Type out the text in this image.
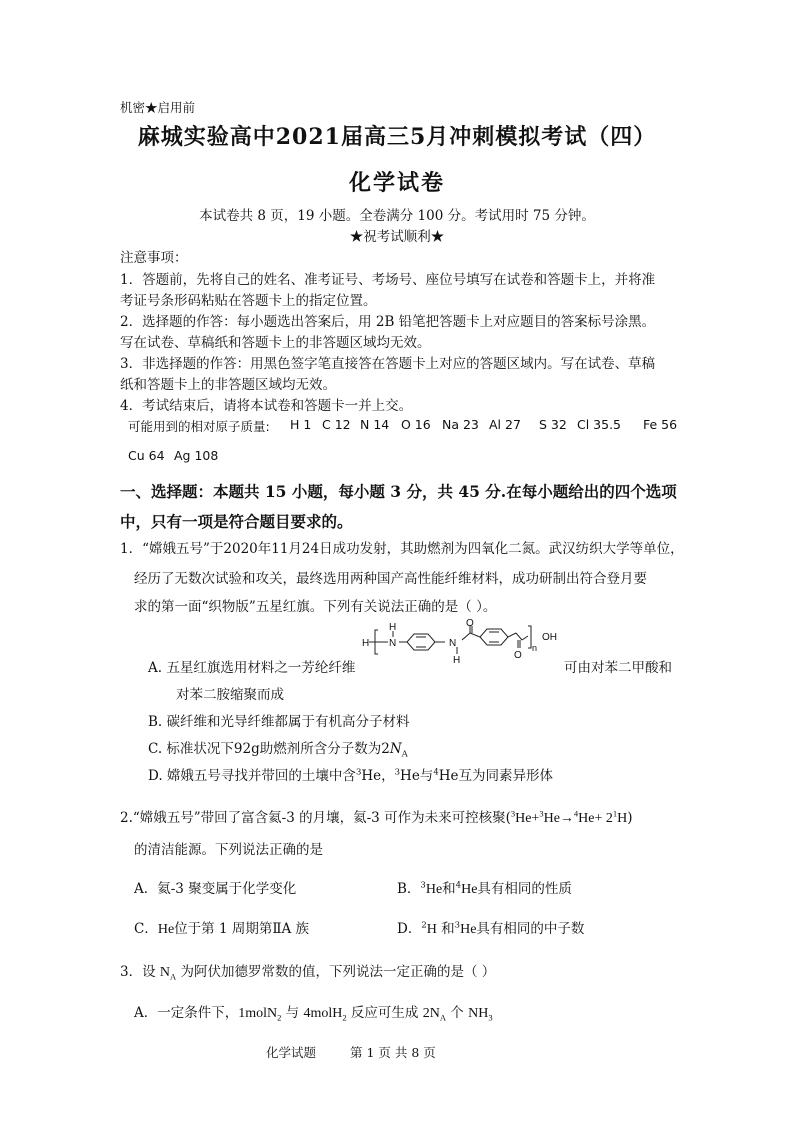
机密★启用前
麻城实验高中2021届高三5月冲刺模拟考试（四）
化学试卷
本试卷共 8 页，19 小题。全卷满分 100 分。考试用时 75 分钟。
★祝考试顺利★
注意事项：
1．答题前，先将自己的姓名、准考证号、考场号、座位号填写在试卷和答题卡上，并将准
考证号条形码粘贴在答题卡上的指定位置。
2．选择题的作答：每小题选出答案后，用 2B 铅笔把答题卡上对应题目的答案标号涂黑。
写在试卷、草稿纸和答题卡上的非答题区域均无效。
3．非选择题的作答：用黑色签字笔直接答在答题卡上对应的答题区域内。写在试卷、草稿
纸和答题卡上的非答题区域均无效。
4．考试结束后，请将本试卷和答题卡一并上交。
可能用到的相对原子质量: H 1 C 12 N 14 O 16 Na 23 Al 27 S 32 Cl 35.5 Fe 56
Cu 64 Ag 108
一、选择题：本题共 15 小题，每小题 3 分，共 45 分.在每小题给出的四个选项
中，只有一项是符合题目要求的。
1．“嫦娥五号”于2020年11月24日成功发射，其助燃剂为四氧化二氮。武汉纺织大学等单位，
经历了无数次试验和攻关，最终选用两种国产高性能纤维材料，成功研制出符合登月要
求的第一面“织物版”五星红旗。下列有关说法正确的是（ ）。
H
H
N	N
H
O
O
n
OH
A. 五星红旗选用材料之一芳纶纤维	可由对苯二甲酸和
对苯二胺缩聚而成
B. 碳纤维和光导纤维都属于有机高分子材料
C. 标准状况下92g助燃剂所含分子数为$2N_A$
D. 嫦娥五号寻找并带回的土壤中含$^3$He，$^3$He与$^4$He互为同素异形体
2.“嫦娥五号”带回了富含氦-3 的月壤，氦-3 可作为未来可控核聚$(^3He+^3He\to^4He+ 2^1H)$
的清洁能源。下列说法正确的是
A．氦-3 聚变属于化学变化	B．$^3$He和$^4$He具有相同的性质
C．He位于第 1 周期第ⅡA 族	D．$^2$H 和$^3$He具有相同的中子数
3．设 $N_A$ 为阿伏加德罗常数的值，下列说法一定正确的是（ ）
A．一定条件下，1molN$_2$ 与 4molH$_2$ 反应可生成 $2N_A$ 个 $NH_3$
化学试题	第 1 页 共 8 页
